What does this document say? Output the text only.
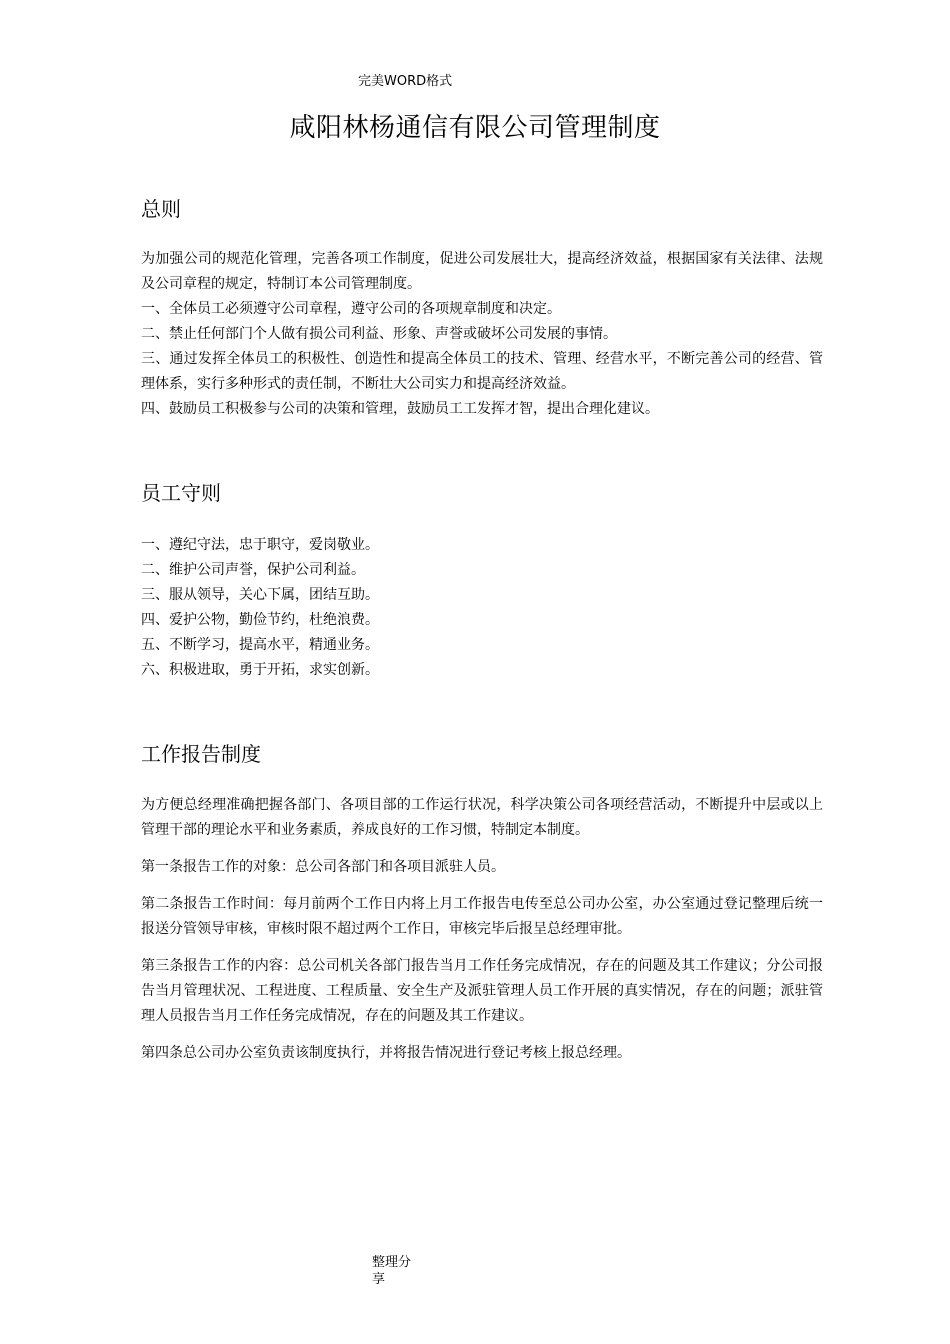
完美WORD格式
咸阳林杨通信有限公司管理制度
总则

为加强公司的规范化管理，完善各项工作制度，促进公司发展壮大，提高经济效益，根据国家有关法律、法规及公司章程的规定，特制订本公司管理制度。

一、全体员工必须遵守公司章程，遵守公司的各项规章制度和决定。

二、禁止任何部门个人做有损公司利益、形象、声誉或破坏公司发展的事情。

三、通过发挥全体员工的积极性、创造性和提高全体员工的技术、管理、经营水平，不断完善公司的经营、管理体系，实行多种形式的责任制，不断壮大公司实力和提高经济效益。

四、鼓励员工积极参与公司的决策和管理，鼓励员工工发挥才智，提出合理化建议。

员工守则

一、遵纪守法，忠于职守，爱岗敬业。

二、维护公司声誉，保护公司利益。

三、服从领导，关心下属，团结互助。

四、爱护公物，勤俭节约，杜绝浪费。

五、不断学习，提高水平，精通业务。

六、积极进取，勇于开拓，求实创新。

工作报告制度

为方便总经理准确把握各部门、各项目部的工作运行状况，科学决策公司各项经营活动，不断提升中层或以上管理干部的理论水平和业务素质，养成良好的工作习惯，特制定本制度。

第一条报告工作的对象：总公司各部门和各项目派驻人员。

第二条报告工作时间：每月前两个工作日内将上月工作报告电传至总公司办公室，办公室通过登记整理后统一报送分管领导审核，审核时限不超过两个工作日，审核完毕后报呈总经理审批。

第三条报告工作的内容：总公司机关各部门报告当月工作任务完成情况，存在的问题及其工作建议；分公司报告当月管理状况、工程进度、工程质量、安全生产及派驻管理人员工作开展的真实情况，存在的问题；派驻管理人员报告当月工作任务完成情况，存在的问题及其工作建议。

第四条总公司办公室负责该制度执行，并将报告情况进行登记考核上报总经理。

整理分享
